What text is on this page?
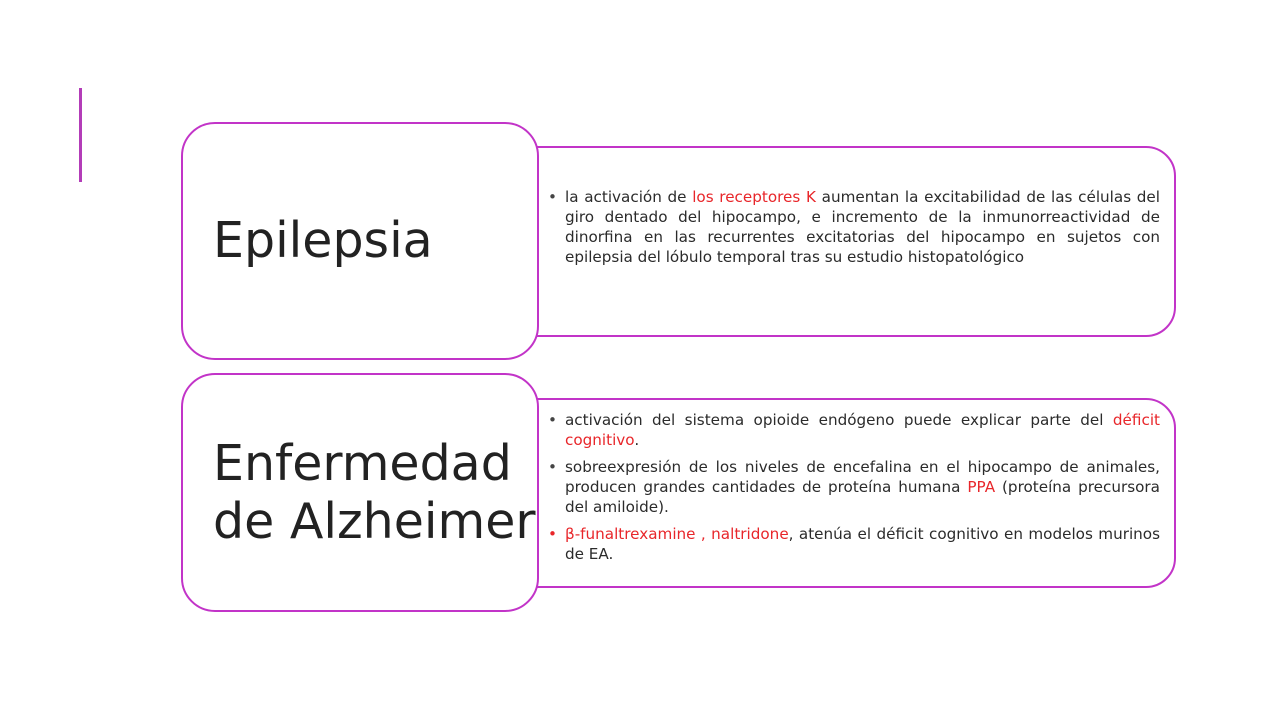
Epilepsia
• la activación de los receptores K aumentan la excitabilidad de las células del giro dentado del hipocampo, e incremento de la inmunorreactividad de dinorfina en las recurrentes excitatorias del hipocampo en sujetos con epilepsia del lóbulo temporal tras su estudio histopatológico
Enfermedad de Alzheimer
• activación del sistema opioide endógeno puede explicar parte del déficit cognitivo.
• sobreexpresión de los niveles de encefalina en el hipocampo de animales, producen grandes cantidades de proteína humana PPA (proteína precursora del amiloide).
• β-funaltrexamine , naltridone, atenúa el déficit cognitivo en modelos murinos de EA.
